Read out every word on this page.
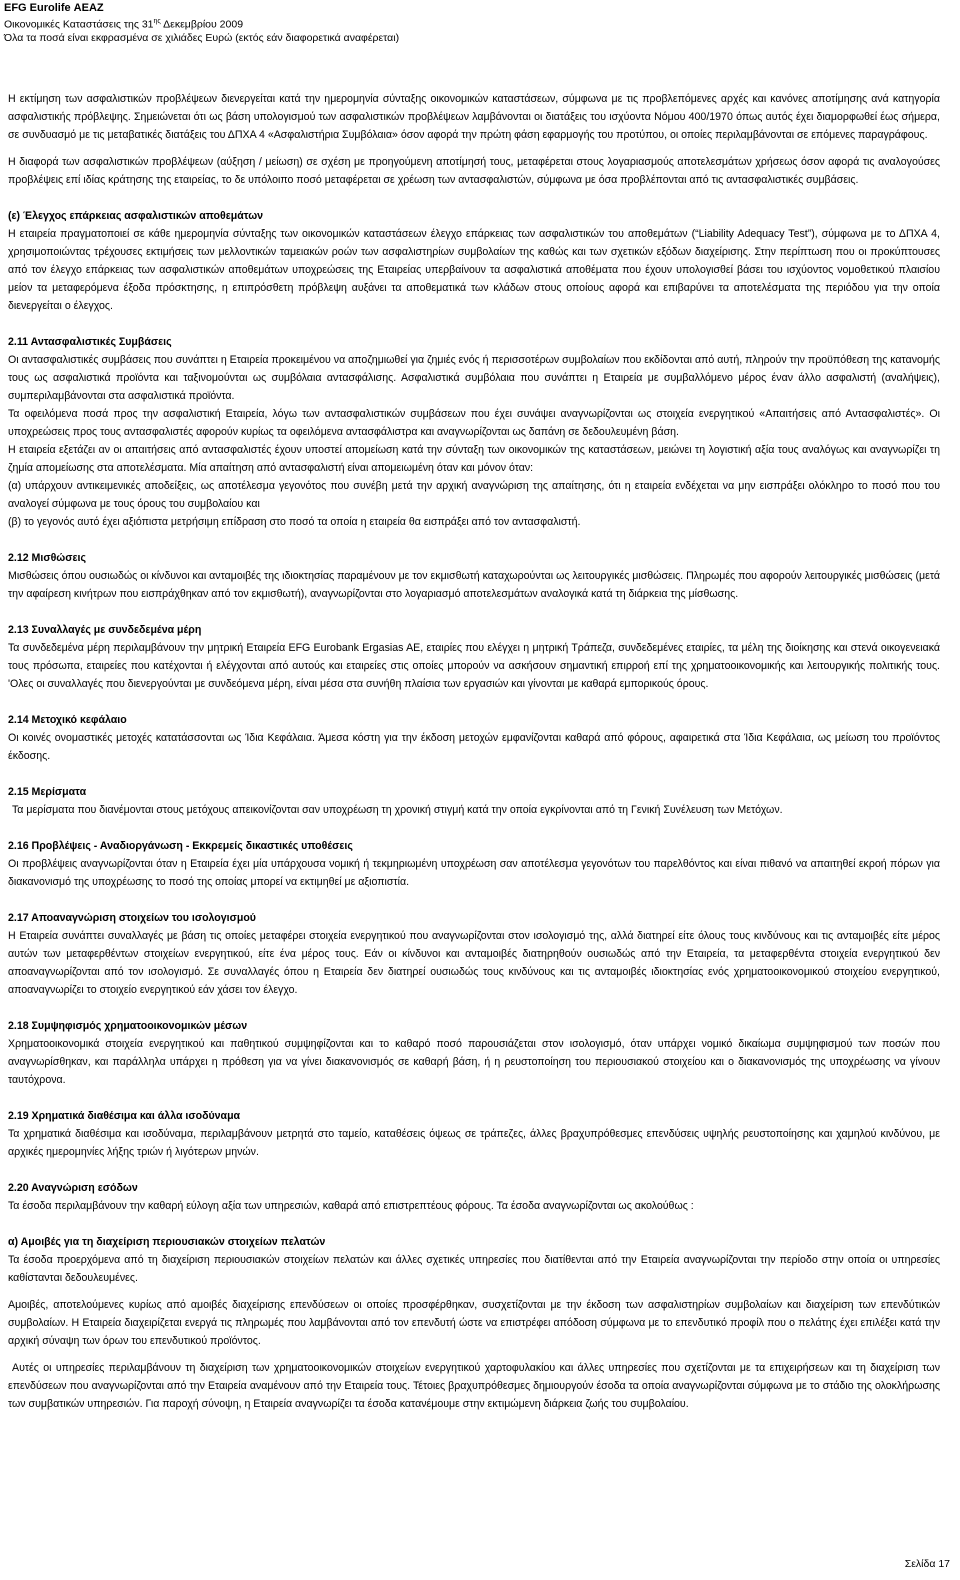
EFG Eurolife ΑΕΑΖ
Οικονομικές Καταστάσεις της $31^{\eta\varsigma}$ Δεκεμβρίου 2009
Όλα τα ποσά είναι εκφρασμένα σε χιλιάδες Ευρώ (εκτός εάν διαφορετικά αναφέρεται)

Η εκτίμηση των ασφαλιστικών προβλέψεων διενεργείται κατά την ημερομηνία σύνταξης οικονομικών καταστάσεων, σύμφωνα με τις προβλεπόμενες αρχές και κανόνες αποτίμησης ανά κατηγορία ασφαλιστικής πρόβλεψης. Σημειώνεται ότι ως βάση υπολογισμού των ασφαλιστικών προβλέψεων λαμβάνονται οι διατάξεις του ισχύοντα Νόμου 400/1970 όπως αυτός έχει διαμορφωθεί έως σήμερα, σε συνδυασμό με τις μεταβατικές διατάξεις του ΔΠΧΑ 4 «Ασφαλιστήρια Συμβόλαια» όσον αφορά την πρώτη φάση εφαρμογής του προτύπου, οι οποίες περιλαμβάνονται σε επόμενες παραγράφους.

Η διαφορά των ασφαλιστικών προβλέψεων (αύξηση / μείωση) σε σχέση με προηγούμενη αποτίμησή τους, μεταφέρεται στους λογαριασμούς αποτελεσμάτων χρήσεως όσον αφορά τις αναλογούσες προβλέψεις επί ιδίας κράτησης της εταιρείας, το δε υπόλοιπο ποσό μεταφέρεται σε χρέωση των αντασφαλιστών, σύμφωνα με όσα προβλέπονται από τις αντασφαλιστικές συμβάσεις.

(ε) Έλεγχος επάρκειας ασφαλιστικών αποθεμάτων

Η εταιρεία πραγματοποιεί σε κάθε ημερομηνία σύνταξης των οικονομικών καταστάσεων έλεγχο επάρκειας των ασφαλιστικών του αποθεμάτων (“Liability Adequacy Test”), σύμφωνα με το ΔΠΧΑ 4, χρησιμοποιώντας τρέχουσες εκτιμήσεις των μελλοντικών ταμειακών ροών των ασφαλιστηρίων συμβολαίων της καθώς και των σχετικών εξόδων διαχείρισης. Στην περίπτωση που οι προκύπτουσες από τον έλεγχο επάρκειας των ασφαλιστικών αποθεμάτων υποχρεώσεις της Εταιρείας υπερβαίνουν τα ασφαλιστικά αποθέματα που έχουν υπολογισθεί βάσει του ισχύοντος νομοθετικού πλαισίου μείον τα μεταφερόμενα έξοδα πρόσκτησης, η επιπρόσθετη πρόβλεψη αυξάνει τα αποθεματικά των κλάδων στους οποίους αφορά και επιβαρύνει τα αποτελέσματα της περιόδου για την οποία διενεργείται ο έλεγχος.

2.11 Αντασφαλιστικές Συμβάσεις

Οι αντασφαλιστικές συμβάσεις που συνάπτει η Εταιρεία προκειμένου να αποζημιωθεί για ζημιές ενός ή περισσοτέρων συμβολαίων που εκδίδονται από αυτή, πληρούν την προϋπόθεση της κατανομής τους ως ασφαλιστικά προϊόντα και ταξινομούνται ως συμβόλαια αντασφάλισης. Ασφαλιστικά συμβόλαια που συνάπτει η Εταιρεία με συμβαλλόμενο μέρος έναν άλλο ασφαλιστή (αναλήψεις), συμπεριλαμβάνονται στα ασφαλιστικά προϊόντα.

Τα οφειλόμενα ποσά προς την ασφαλιστική Εταιρεία, λόγω των αντασφαλιστικών συμβάσεων που έχει συνάψει αναγνωρίζονται ως στοιχεία ενεργητικού «Απαιτήσεις από Αντασφαλιστές». Οι υποχρεώσεις προς τους αντασφαλιστές αφορούν κυρίως τα οφειλόμενα αντασφάλιστρα και αναγνωρίζονται ως δαπάνη σε δεδουλευμένη βάση.

Η εταιρεία εξετάζει αν οι απαιτήσεις από αντασφαλιστές έχουν υποστεί απομείωση κατά την σύνταξη των οικονομικών της καταστάσεων, μειώνει τη λογιστική αξία τους αναλόγως και αναγνωρίζει τη ζημία απομείωσης στα αποτελέσματα. Μία απαίτηση από αντασφαλιστή είναι απομειωμένη όταν και μόνον όταν:

(α) υπάρχουν αντικειμενικές αποδείξεις, ως αποτέλεσμα γεγονότος που συνέβη μετά την αρχική αναγνώριση της απαίτησης, ότι η εταιρεία ενδέχεται να μην εισπράξει ολόκληρο το ποσό που του αναλογεί σύμφωνα με τους όρους του συμβολαίου και

(β) το γεγονός αυτό έχει αξιόπιστα μετρήσιμη επίδραση στο ποσό τα οποία η εταιρεία θα εισπράξει από τον αντασφαλιστή.

2.12 Μισθώσεις

Μισθώσεις όπου ουσιωδώς οι κίνδυνοι και ανταμοιβές της ιδιοκτησίας παραμένουν με τον εκμισθωτή καταχωρούνται ως λειτουργικές μισθώσεις. Πληρωμές που αφορούν λειτουργικές μισθώσεις (μετά την αφαίρεση κινήτρων που εισπράχθηκαν από τον εκμισθωτή), αναγνωρίζονται στο λογαριασμό αποτελεσμάτων αναλογικά κατά τη διάρκεια της μίσθωσης.

2.13 Συναλλαγές με συνδεδεμένα μέρη

Τα συνδεδεμένα μέρη περιλαμβάνουν την μητρική Εταιρεία EFG Eurobank Ergasias AE, εταιρίες που ελέγχει η μητρική Τράπεζα, συνδεδεμένες εταιρίες, τα μέλη της διοίκησης και στενά οικογενειακά τους πρόσωπα, εταιρείες που κατέχονται ή ελέγχονται από αυτούς και εταιρείες στις οποίες μπορούν να ασκήσουν σημαντική επιρροή επί της χρηματοοικονομικής και λειτουργικής πολιτικής τους. 'Ολες οι συναλλαγές που διενεργούνται με συνδεόμενα μέρη, είναι μέσα στα συνήθη πλαίσια των εργασιών και γίνονται με καθαρά εμπορικούς όρους.

2.14 Μετοχικό κεφάλαιο

Οι κοινές ονομαστικές μετοχές κατατάσσονται ως Ίδια Κεφάλαια. Άμεσα κόστη για την έκδοση μετοχών εμφανίζονται καθαρά από φόρους, αφαιρετικά στα Ίδια Κεφάλαια, ως μείωση του προϊόντος έκδοσης.

2.15 Μερίσματα

Τα μερίσματα που διανέμονται στους μετόχους απεικονίζονται σαν υποχρέωση τη χρονική στιγμή κατά την οποία εγκρίνονται από τη Γενική Συνέλευση των Μετόχων.

2.16 Προβλέψεις - Αναδιοργάνωση - Εκκρεμείς δικαστικές υποθέσεις

Οι προβλέψεις αναγνωρίζονται όταν η Εταιρεία έχει μία υπάρχουσα νομική ή τεκμηριωμένη υποχρέωση σαν αποτέλεσμα γεγονότων του παρελθόντος και είναι πιθανό να απαιτηθεί εκροή πόρων για διακανονισμό της υποχρέωσης το ποσό της οποίας μπορεί να εκτιμηθεί με αξιοπιστία.

2.17 Αποαναγνώριση στοιχείων του ισολογισμού

Η Εταιρεία συνάπτει συναλλαγές με βάση τις οποίες μεταφέρει στοιχεία ενεργητικού που αναγνωρίζονται στον ισολογισμό της, αλλά διατηρεί είτε όλους τους κινδύνους και τις ανταμοιβές είτε μέρος αυτών των μεταφερθέντων στοιχείων ενεργητικού, είτε ένα μέρος τους. Εάν οι κίνδυνοι και ανταμοιβές διατηρηθούν ουσιωδώς από την Εταιρεία, τα μεταφερθέντα στοιχεία ενεργητικού δεν αποαναγνωρίζονται από τον ισολογισμό. Σε συναλλαγές όπου η Εταιρεία δεν διατηρεί ουσιωδώς τους κινδύνους και τις ανταμοιβές ιδιοκτησίας ενός χρηματοοικονομικού στοιχείου ενεργητικού, αποαναγνωρίζει το στοιχείο ενεργητικού εάν χάσει τον έλεγχο.

2.18 Συμψηφισμός χρηματοοικονομικών μέσων

Χρηματοοικονομικά στοιχεία ενεργητικού και παθητικού συμψηφίζονται και το καθαρό ποσό παρουσιάζεται στον ισολογισμό, όταν υπάρχει νομικό δικαίωμα συμψηφισμού των ποσών που αναγνωρίσθηκαν, και παράλληλα υπάρχει η πρόθεση για να γίνει διακανονισμός σε καθαρή βάση, ή η ρευστοποίηση του περιουσιακού στοιχείου και ο διακανονισμός της υποχρέωσης να γίνουν ταυτόχρονα.

2.19 Χρηματικά διαθέσιμα και άλλα ισοδύναμα

Τα χρηματικά διαθέσιμα και ισοδύναμα, περιλαμβάνουν μετρητά στο ταμείο, καταθέσεις όψεως σε τράπεζες, άλλες βραχυπρόθεσμες επενδύσεις υψηλής ρευστοποίησης και χαμηλού κινδύνου, με αρχικές ημερομηνίες λήξης τριών ή λιγότερων μηνών.

2.20 Αναγνώριση εσόδων

Τα έσοδα περιλαμβάνουν την καθαρή εύλογη αξία των υπηρεσιών, καθαρά από επιστρεπτέους φόρους. Τα έσοδα αναγνωρίζονται ως ακολούθως :

α) Αμοιβές για τη διαχείριση περιουσιακών στοιχείων πελατών

Τα έσοδα προερχόμενα από τη διαχείριση περιουσιακών στοιχείων πελατών και άλλες σχετικές υπηρεσίες που διατίθενται από την Εταιρεία αναγνωρίζονται την περίοδο στην οποία οι υπηρεσίες καθίστανται δεδουλευμένες.

Αμοιβές, αποτελούμενες κυρίως από αμοιβές διαχείρισης επενδύσεων οι οποίες προσφέρθηκαν, συσχετίζονται με την έκδοση των ασφαλιστηρίων συμβολαίων και διαχείριση των επενδύτικών συμβολαίων. Η Εταιρεία διαχειρίζεται ενεργά τις πληρωμές που λαμβάνονται από τον επενδυτή ώστε να επιστρέφει απόδοση σύμφωνα με το επενδυτικό προφίλ που ο πελάτης έχει επιλέξει κατά την αρχική σύναψη των όρων του επενδυτικού προϊόντος.

Αυτές οι υπηρεσίες περιλαμβάνουν τη διαχείριση των χρηματοοικονομικών στοιχείων ενεργητικού χαρτοφυλακίου και άλλες υπηρεσίες που σχετίζονται με τα επιχειρήσεων και τη διαχείριση των επενδύσεων που αναγνωρίζονται από την Εταιρεία αναμένουν από την Εταιρεία τους. Τέτοιες βραχυπρόθεσμες δημιουργούν έσοδα τα οποία αναγνωρίζονται σύμφωνα με το στάδιο της ολοκλήρωσης των συμβατικών υπηρεσιών. Για παροχή σύνοψη, η Εταιρεία αναγνωρίζει τα έσοδα κατανέμουμε στην εκτιμώμενη διάρκεια ζωής του συμβολαίου.

Σελίδα 17
